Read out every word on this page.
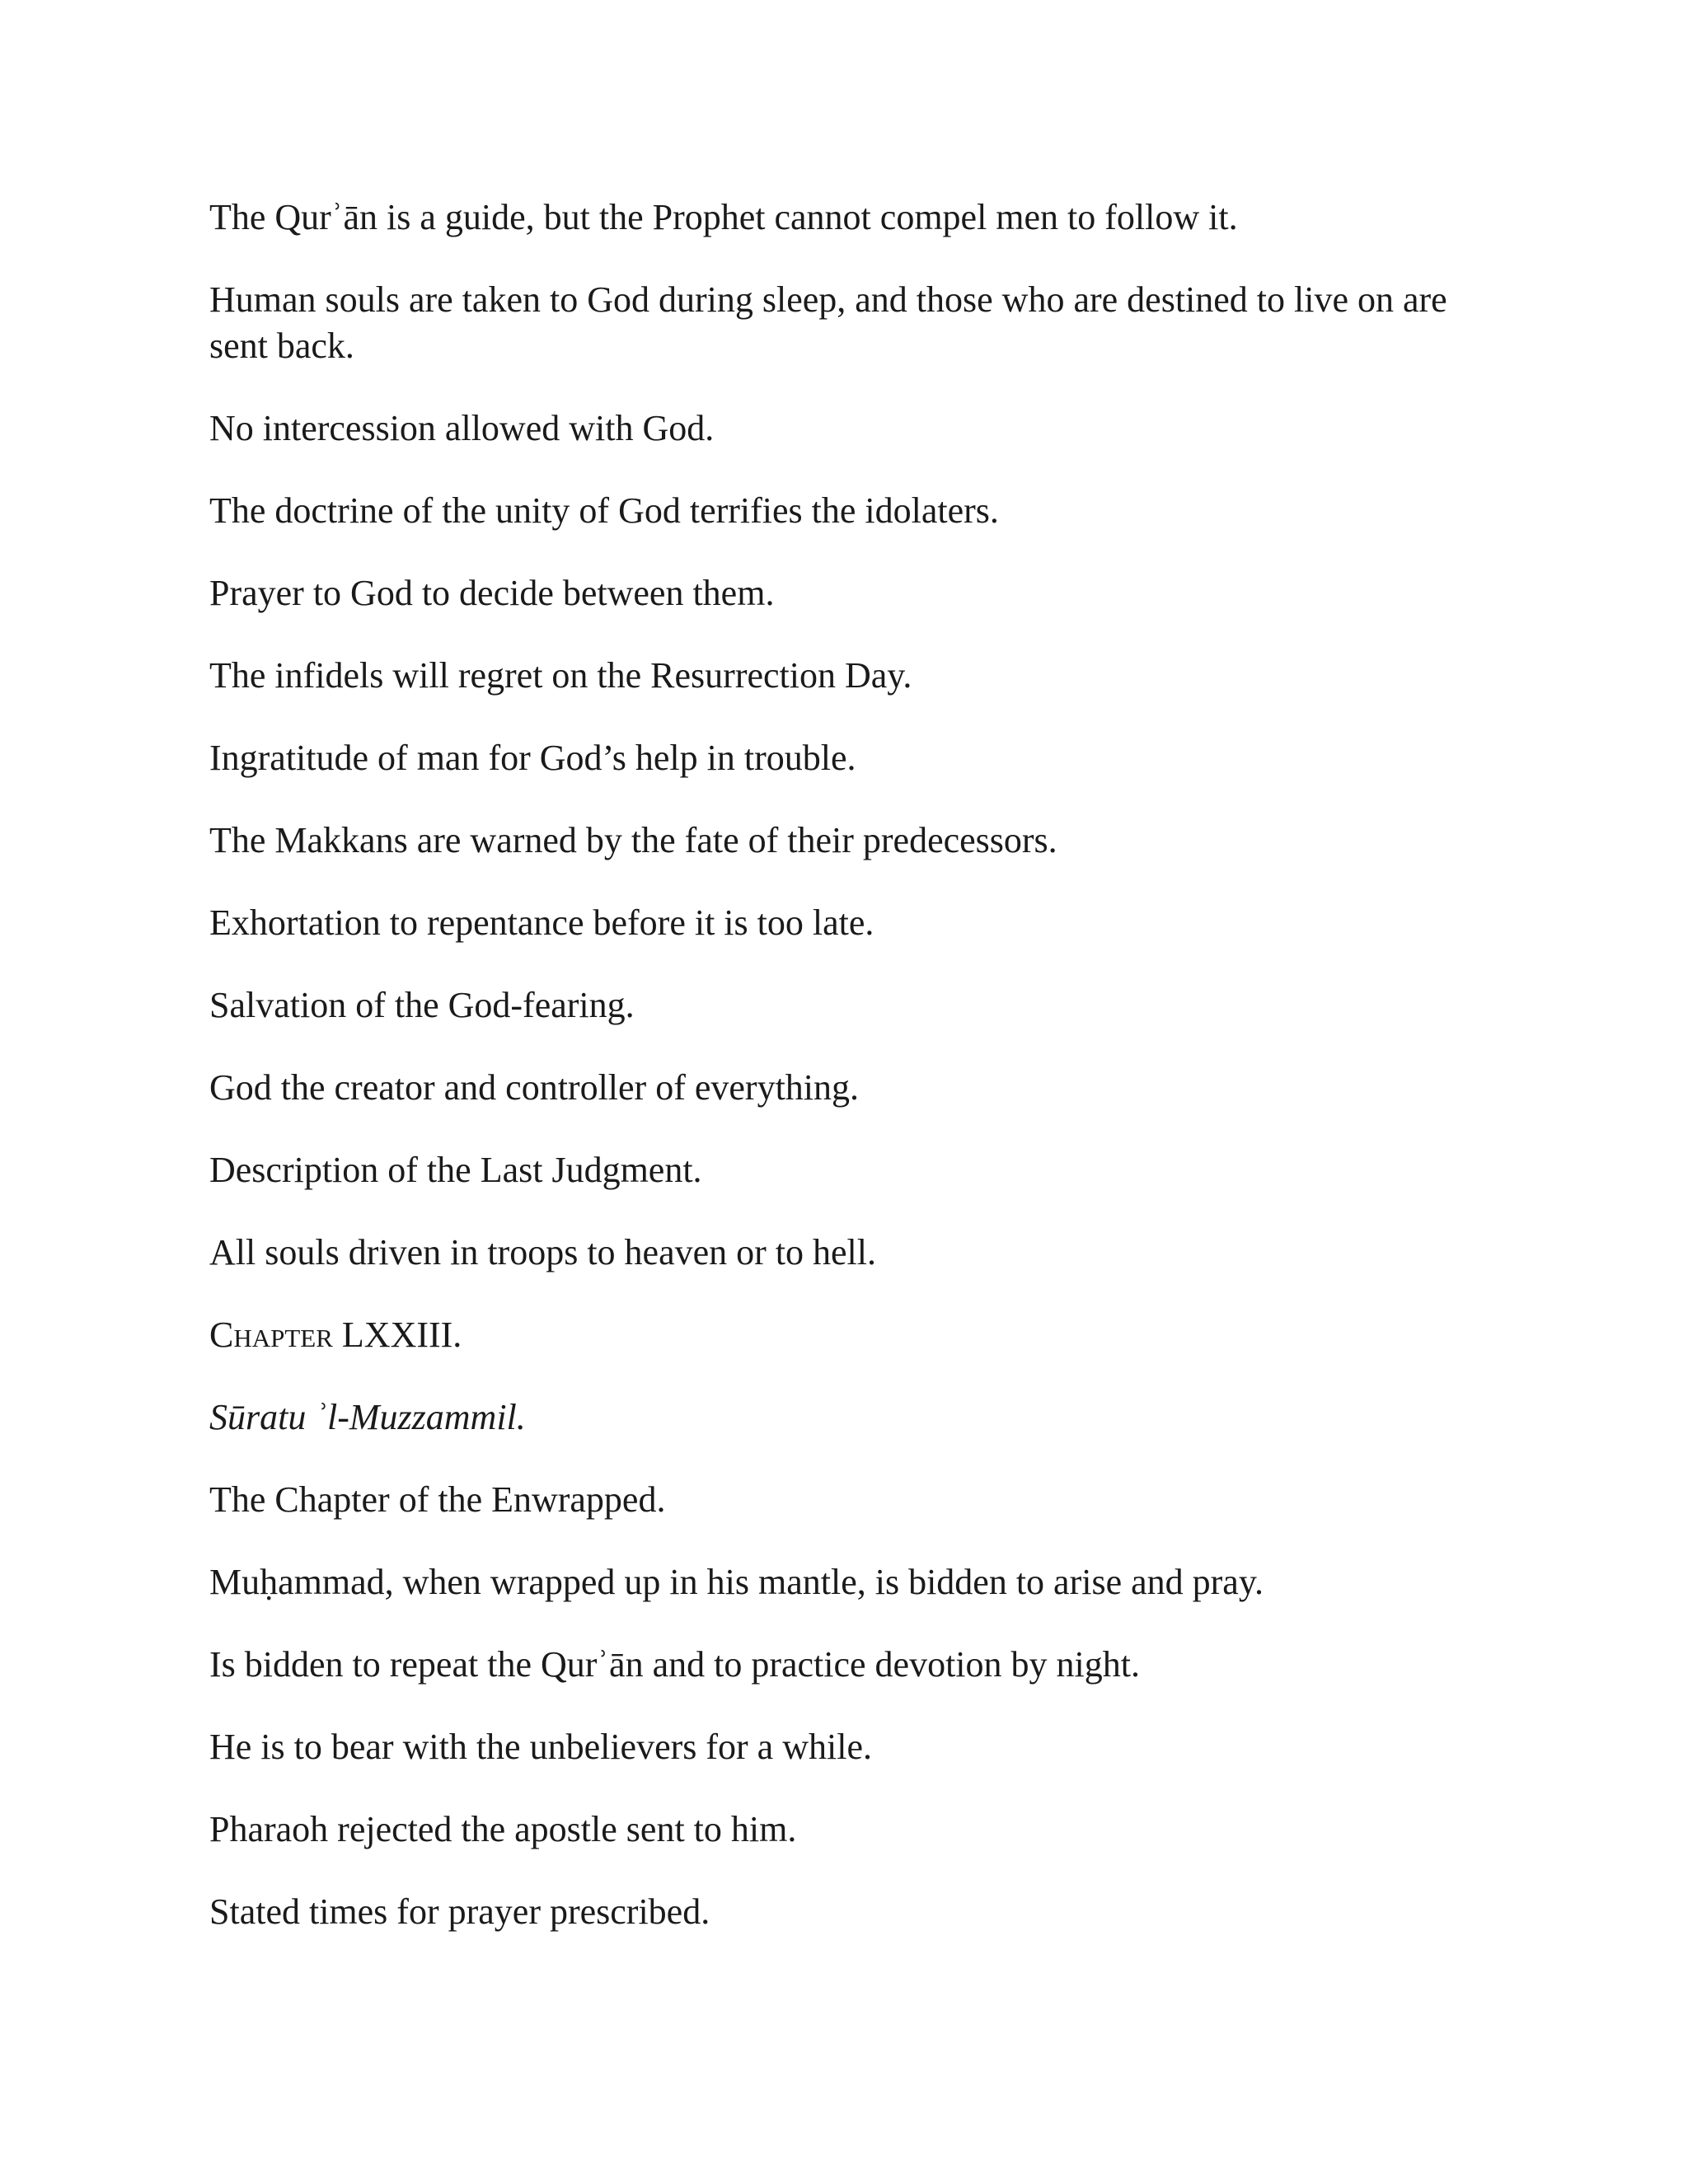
The Qurʾān is a guide, but the Prophet cannot compel men to follow it.

Human souls are taken to God during sleep, and those who are destined to live on are sent back.

No intercession allowed with God.

The doctrine of the unity of God terrifies the idolaters.

Prayer to God to decide between them.

The infidels will regret on the Resurrection Day.

Ingratitude of man for God’s help in trouble.

The Makkans are warned by the fate of their predecessors.

Exhortation to repentance before it is too late.

Salvation of the God-fearing.

God the creator and controller of everything.

Description of the Last Judgment.

All souls driven in troops to heaven or to hell.

Chapter LXXIII.

Sūratu ʾl-Muzzammil.

The Chapter of the Enwrapped.

Muḥammad, when wrapped up in his mantle, is bidden to arise and pray.

Is bidden to repeat the Qurʾān and to practice devotion by night.

He is to bear with the unbelievers for a while.

Pharaoh rejected the apostle sent to him.

Stated times for prayer prescribed.
